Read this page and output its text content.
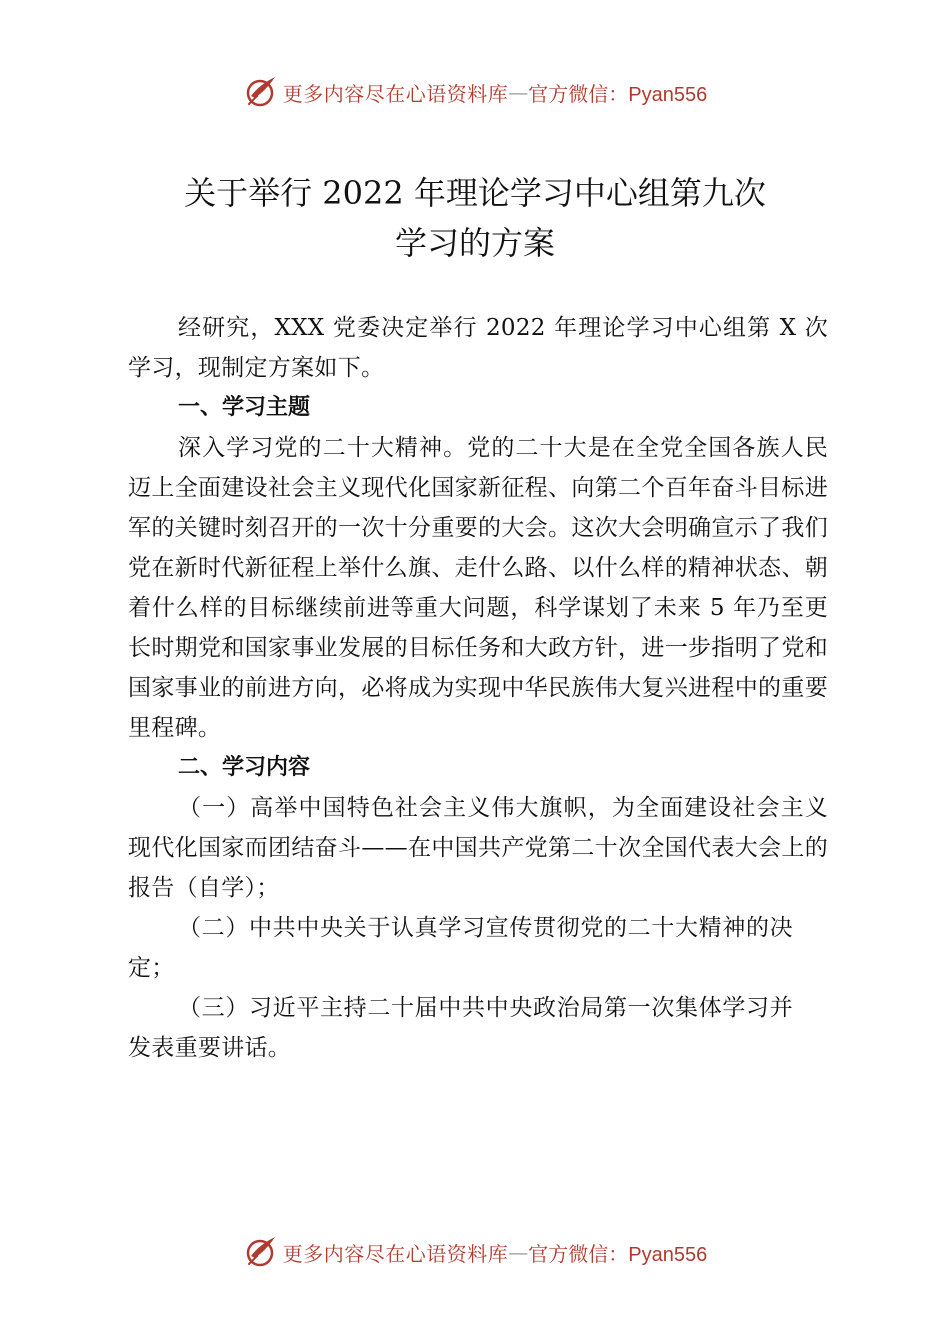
更多内容尽在心语资料库 — 官方微信：Pyan556
关于举行 2022 年理论学习中心组第九次
学习的方案

经研究，XXX 党委决定举行 2022 年理论学习中心组第 X 次学习，现制定方案如下。

一、学习主题

深入学习党的二十大精神。党的二十大是在全党全国各族人民迈上全面建设社会主义现代化国家新征程、向第二个百年奋斗目标进军的关键时刻召开的一次十分重要的大会。这次大会明确宣示了我们党在新时代新征程上举什么旗、走什么路、以什么样的精神状态、朝着什么样的目标继续前进等重大问题，科学谋划了未来 5 年乃至更长时期党和国家事业发展的目标任务和大政方针，进一步指明了党和国家事业的前进方向，必将成为实现中华民族伟大复兴进程中的重要里程碑。

二、学习内容

（一）高举中国特色社会主义伟大旗帜，为全面建设社会主义现代化国家而团结奋斗——在中国共产党第二十次全国代表大会上的报告（自学）；

（二）中共中央关于认真学习宣传贯彻党的二十大精神的决定；

（三）习近平主持二十届中共中央政治局第一次集体学习并发表重要讲话。

更多内容尽在心语资料库 — 官方微信：Pyan556
